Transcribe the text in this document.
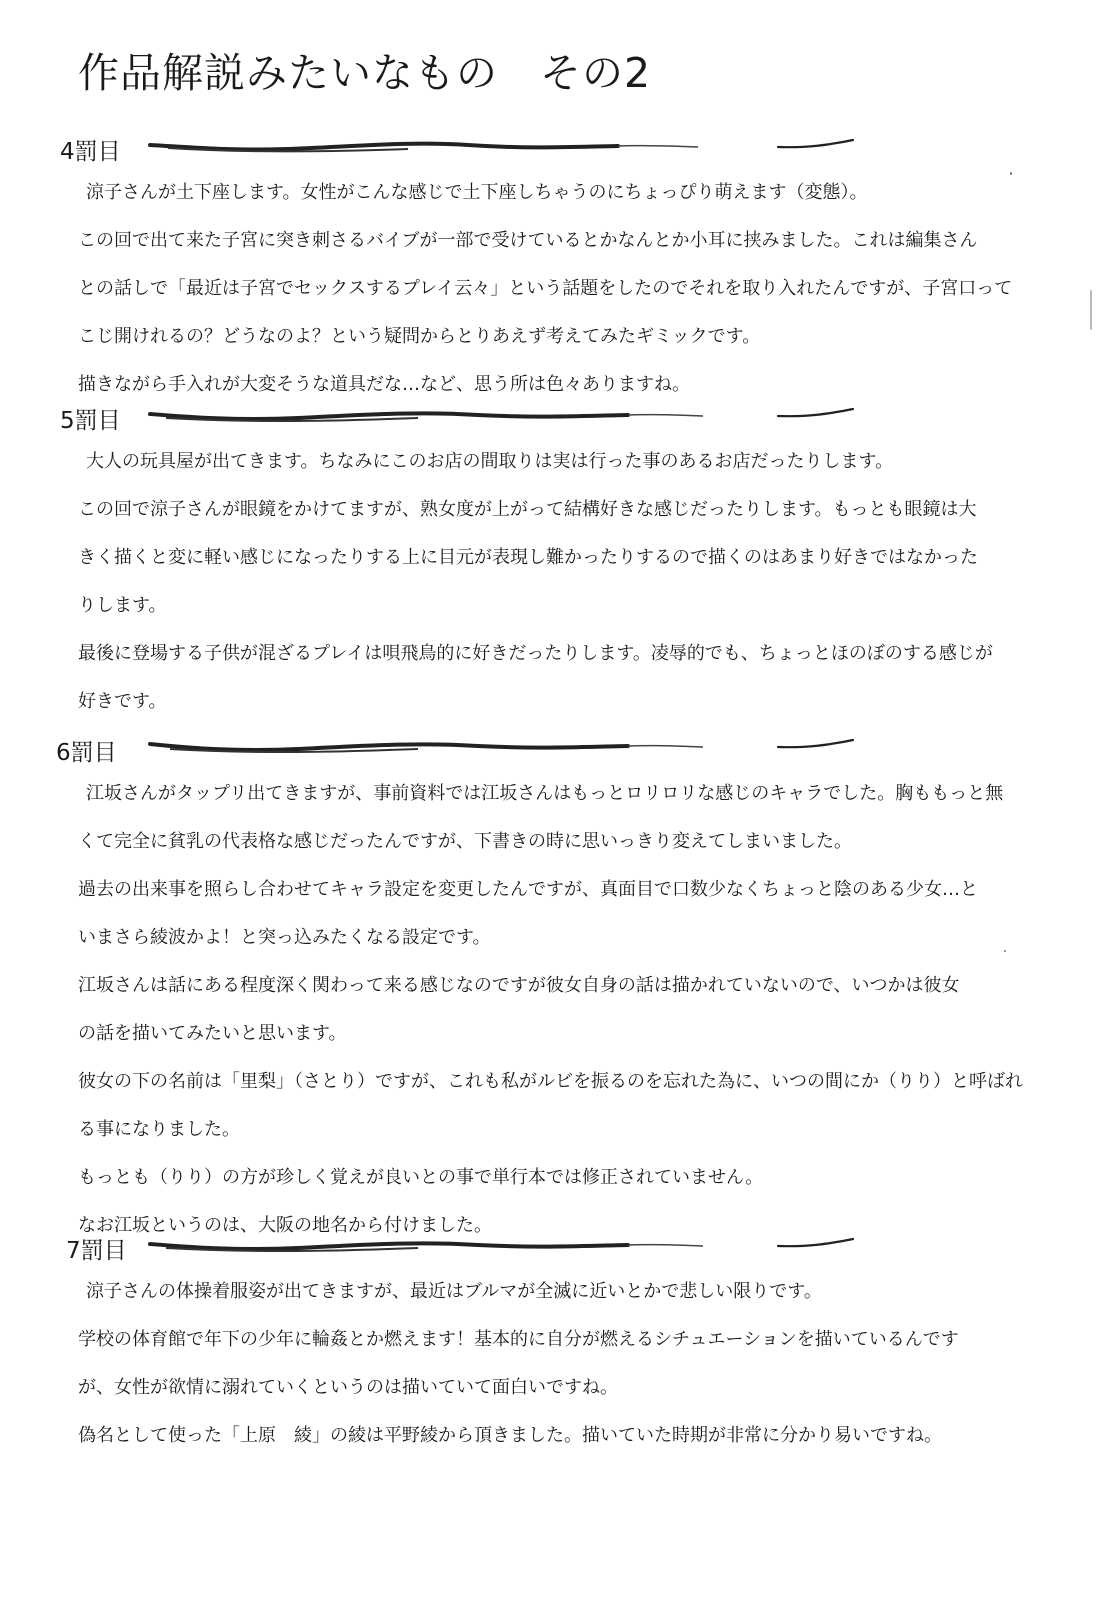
作品解説みたいなもの　その2
4罰目

涼子さんが土下座します。女性がこんな感じで土下座しちゃうのにちょっぴり萌えます（変態）。

この回で出て来た子宮に突き刺さるバイブが一部で受けているとかなんとか小耳に挟みました。これは編集さん

との話しで「最近は子宮でセックスするプレイ云々」という話題をしたのでそれを取り入れたんですが、子宮口って

こじ開けれるの？どうなのよ？という疑問からとりあえず考えてみたギミックです。

描きながら手入れが大変そうな道具だな…など、思う所は色々ありますね。

5罰目

大人の玩具屋が出てきます。ちなみにこのお店の間取りは実は行った事のあるお店だったりします。

この回で涼子さんが眼鏡をかけてますが、熟女度が上がって結構好きな感じだったりします。もっとも眼鏡は大

きく描くと変に軽い感じになったりする上に目元が表現し難かったりするので描くのはあまり好きではなかった

りします。

最後に登場する子供が混ざるプレイは唄飛鳥的に好きだったりします。凌辱的でも、ちょっとほのぼのする感じが

好きです。

6罰目

江坂さんがタップリ出てきますが、事前資料では江坂さんはもっとロリロリな感じのキャラでした。胸ももっと無

くて完全に貧乳の代表格な感じだったんですが、下書きの時に思いっきり変えてしまいました。

過去の出来事を照らし合わせてキャラ設定を変更したんですが、真面目で口数少なくちょっと陰のある少女…と

いまさら綾波かよ！と突っ込みたくなる設定です。

江坂さんは話にある程度深く関わって来る感じなのですが彼女自身の話は描かれていないので、いつかは彼女

の話を描いてみたいと思います。

彼女の下の名前は「里梨」（さとり）ですが、これも私がルビを振るのを忘れた為に、いつの間にか（りり）と呼ばれ

る事になりました。

もっとも（りり）の方が珍しく覚えが良いとの事で単行本では修正されていません。

なお江坂というのは、大阪の地名から付けました。

7罰目

涼子さんの体操着服姿が出てきますが、最近はブルマが全滅に近いとかで悲しい限りです。

学校の体育館で年下の少年に輪姦とか燃えます！基本的に自分が燃えるシチュエーションを描いているんです

が、女性が欲情に溺れていくというのは描いていて面白いですね。

偽名として使った「上原　綾」の綾は平野綾から頂きました。描いていた時期が非常に分かり易いですね。
